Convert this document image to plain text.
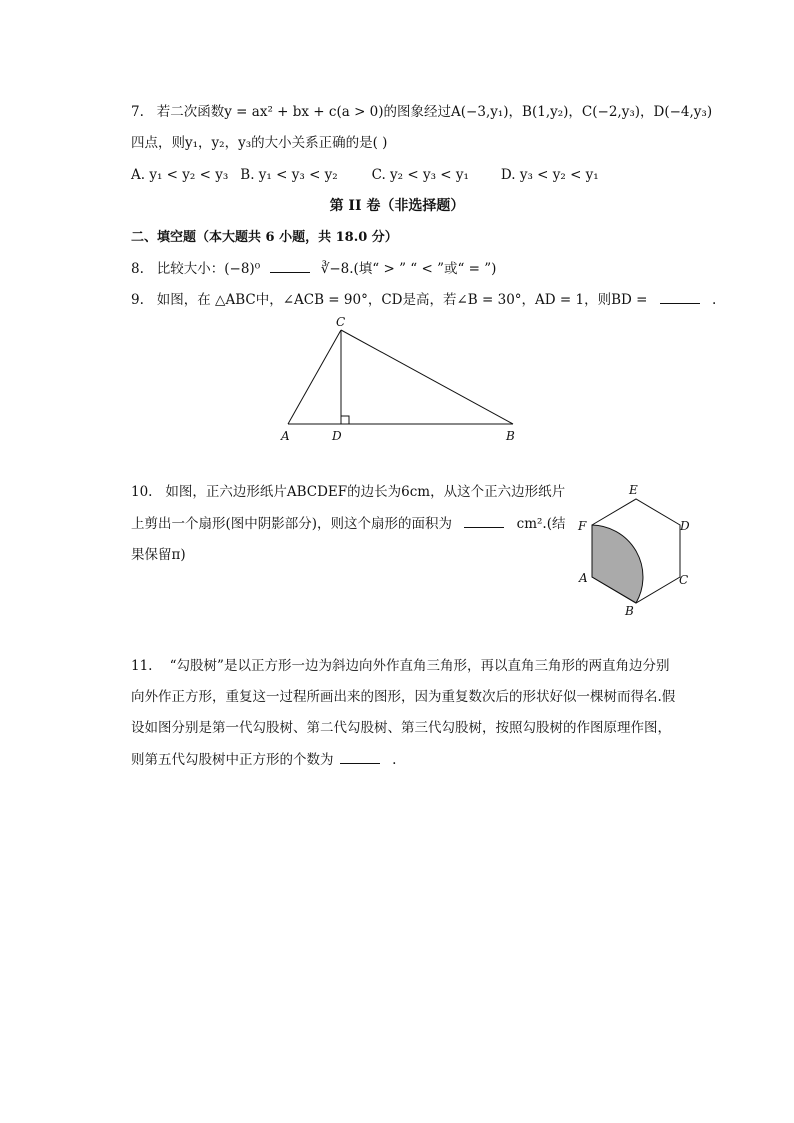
7. 若二次函数y = ax² + bx + c(a > 0)的图象经过A(−3,y₁)，B(1,y₂)，C(−2,y₃)，D(−4,y₃)
四点，则y₁，y₂，y₃的大小关系正确的是( )
A. y₁ < y₂ < y₃ B. y₁ < y₃ < y₂	C. y₂ < y₃ < y₁ D. y₃ < y₂ < y₁
第 II 卷（非选择题）
二、填空题（本大题共 6 小题，共 18.0 分）
8. 比较大小：(−8)⁰	∛−8.(填“ > ” “ < ”或“ = ”)
9. 如图，在 △ABC中，∠ACB = 90°，CD是高，若∠B = 30°，AD = 1，则BD =	.
C
A	D	B
10. 如图，正六边形纸片ABCDEF的边长为6cm，从这个正六边形纸片
上剪出一个扇形(图中阴影部分)，则这个扇形的面积为	cm².(结
果保留π)
E
F	D
A	C
B
11. “勾股树”是以正方形一边为斜边向外作直角三角形，再以直角三角形的两直角边分别
向外作正方形，重复这一过程所画出来的图形，因为重复数次后的形状好似一棵树而得名.假
设如图分别是第一代勾股树、第二代勾股树、第三代勾股树，按照勾股树的作图原理作图，
则第五代勾股树中正方形的个数为	.
